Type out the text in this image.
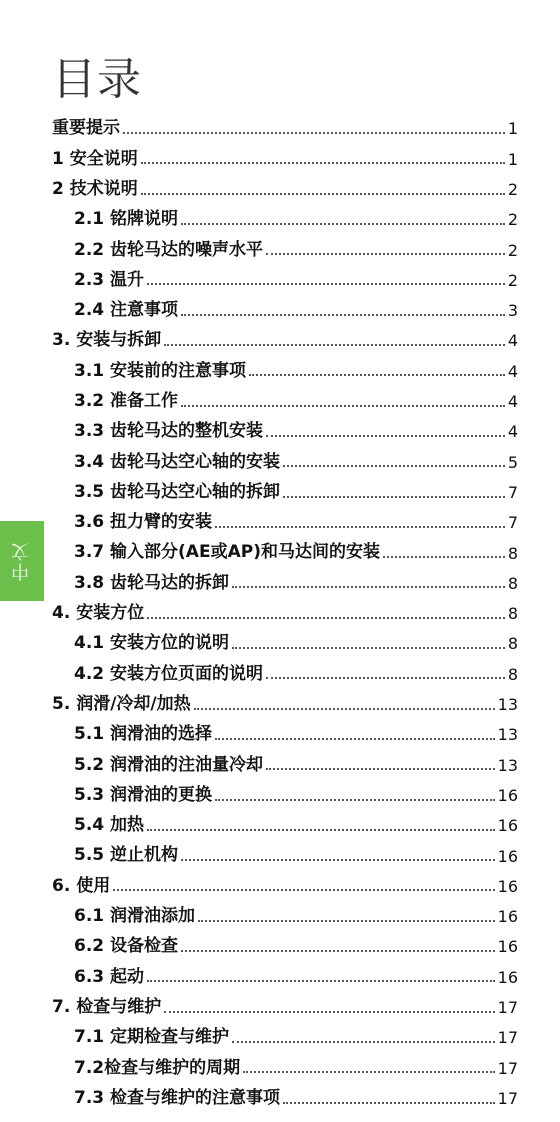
目录
中文
重要提示	1
1 安全说明	1
2 技术说明	2
2.1 铭牌说明	2
2.2 齿轮马达的噪声水平	2
2.3 温升	2
2.4 注意事项	3
3. 安装与拆卸	4
3.1 安装前的注意事项	4
3.2 准备工作	4
3.3 齿轮马达的整机安装	4
3.4 齿轮马达空心轴的安装	5
3.5 齿轮马达空心轴的拆卸	7
3.6 扭力臂的安装	7
3.7 输入部分(AE或AP)和马达间的安装	8
3.8 齿轮马达的拆卸	8
4. 安装方位	8
4.1 安装方位的说明	8
4.2 安装方位页面的说明	8
5. 润滑/冷却/加热	13
5.1 润滑油的选择	13
5.2 润滑油的注油量冷却	13
5.3 润滑油的更换	16
5.4 加热	16
5.5 逆止机构	16
6. 使用	16
6.1 润滑油添加	16
6.2 设备检查	16
6.3 起动	16
7. 检查与维护	17
7.1 定期检查与维护	17
7.2检查与维护的周期	17
7.3 检查与维护的注意事项	17
